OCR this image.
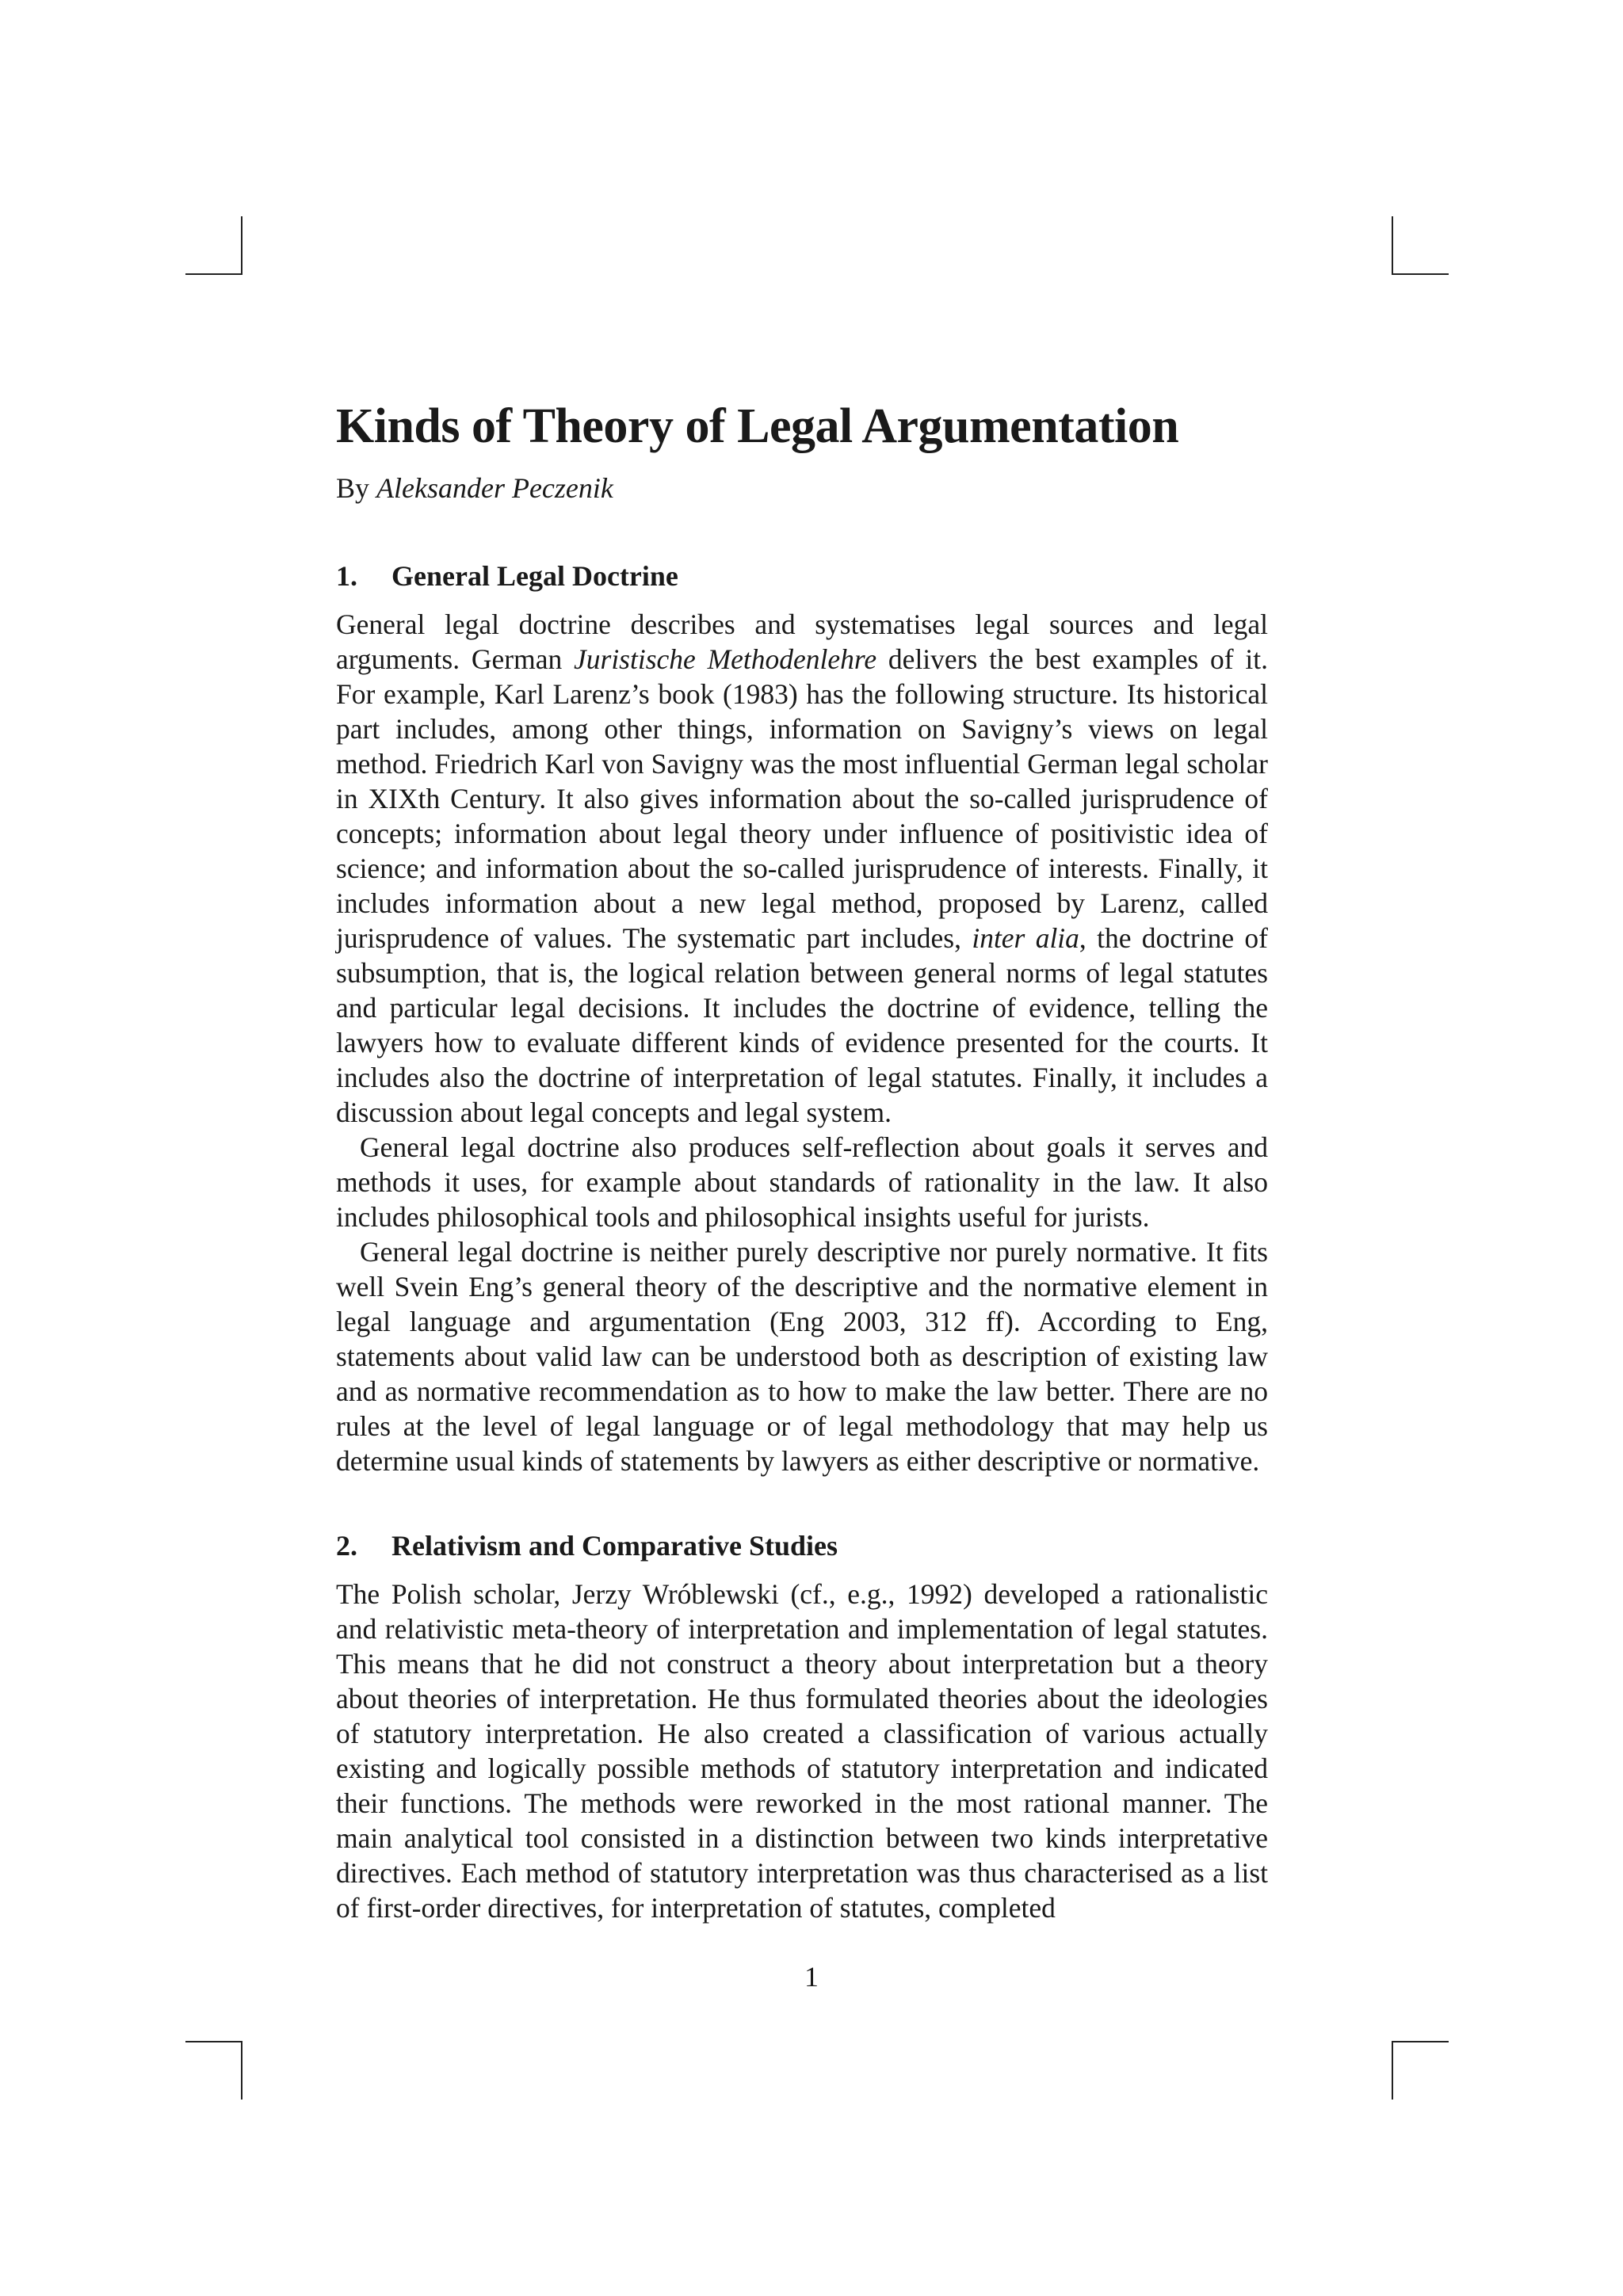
Kinds of Theory of Legal Argumentation
By Aleksander Peczenik
1.	General Legal Doctrine

General legal doctrine describes and systematises legal sources and legal arguments. German Juristische Methodenlehre delivers the best examples of it. For example, Karl Larenz’s book (1983) has the following structure. Its historical part includes, among other things, information on Savigny’s views on legal method. Friedrich Karl von Savigny was the most influential German legal scholar in XIXth Century. It also gives information about the so-called jurisprudence of concepts; information about legal theory under influence of positivistic idea of science; and information about the so-called jurisprudence of interests. Finally, it includes information about a new legal method, proposed by Larenz, called jurisprudence of values. The systematic part includes, inter alia, the doctrine of subsumption, that is, the logical relation between general norms of legal statutes and particular legal decisions. It includes the doctrine of evidence, telling the lawyers how to evaluate different kinds of evidence presented for the courts. It includes also the doctrine of interpretation of legal statutes. Finally, it includes a discussion about legal concepts and legal system.

General legal doctrine also produces self-reflection about goals it serves and methods it uses, for example about standards of rationality in the law. It also includes philosophical tools and philosophical insights useful for jurists.

General legal doctrine is neither purely descriptive nor purely normative. It fits well Svein Eng’s general theory of the descriptive and the normative element in legal language and argumentation (Eng 2003, 312 ff). According to Eng, statements about valid law can be understood both as description of existing law and as normative recommendation as to how to make the law better. There are no rules at the level of legal language or of legal methodology that may help us determine usual kinds of statements by lawyers as either descriptive or normative.

2.	Relativism and Comparative Studies

The Polish scholar, Jerzy Wróblewski (cf., e.g., 1992) developed a rationalistic and relativistic meta-theory of interpretation and implementation of legal statutes. This means that he did not construct a theory about interpretation but a theory about theories of interpretation. He thus formulated theories about the ideologies of statutory interpretation. He also created a classification of various actually existing and logically possible methods of statutory interpretation and indicated their functions. The methods were reworked in the most rational manner. The main analytical tool consisted in a distinction between two kinds interpretative directives. Each method of statutory interpretation was thus characterised as a list of first-order directives, for interpretation of statutes, completed

1
